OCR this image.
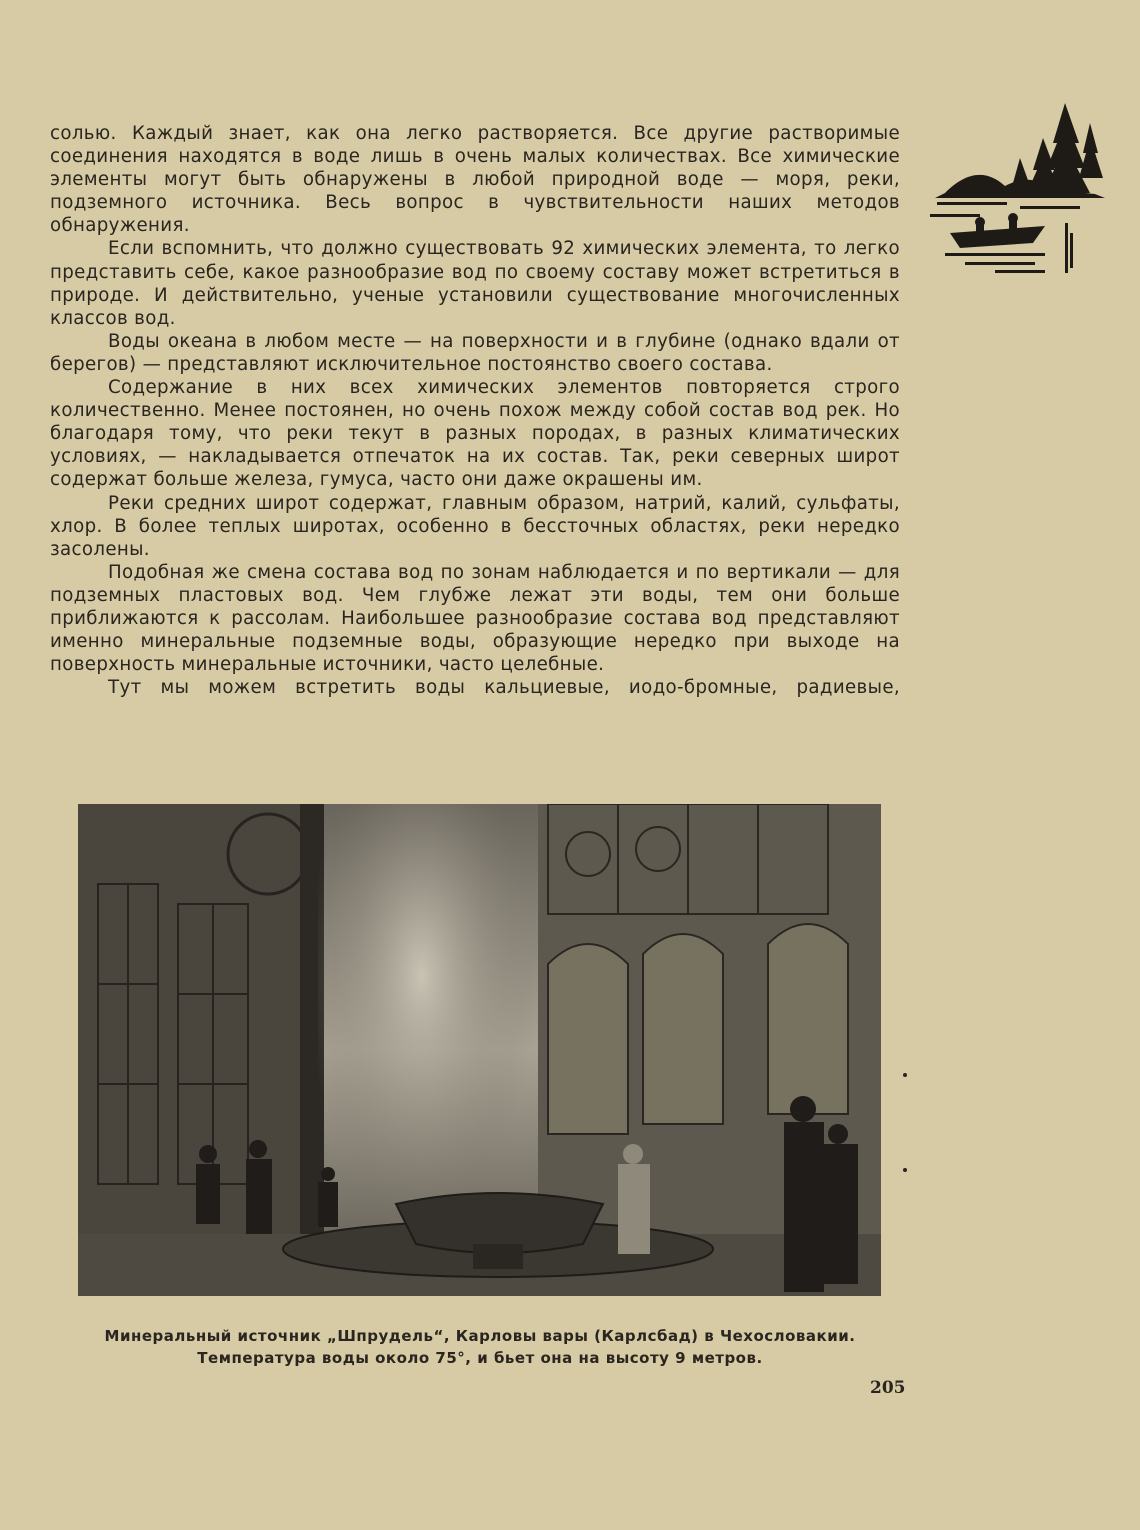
солью. Каждый знает, как она легко растворяется. Все другие растворимые соединения находятся в воде лишь в очень малых количествах. Все химические элементы могут быть обнаружены в любой природной воде — моря, реки, подземного источника. Весь вопрос в чувствительности наших методов обнаружения.

Если вспомнить, что должно существовать 92 химических элемента, то легко представить себе, какое разнообразие вод по своему составу может встретиться в природе. И действительно, ученые установили существование многочисленных классов вод.

Воды океана в любом месте — на поверхности и в глубине (однако вдали от берегов) — представляют исключительное постоянство своего состава.

Содержание в них всех химических элементов повторяется строго количественно. Менее постоянен, но очень похож между собой состав вод рек. Но благодаря тому, что реки текут в разных породах, в разных климатических условиях, — накладывается отпечаток на их состав. Так, реки северных широт содержат больше железа, гумуса, часто они даже окрашены им.

Реки средних широт содержат, главным образом, натрий, калий, сульфаты, хлор. В более теплых широтах, особенно в бессточных областях, реки нередко засолены.

Подобная же смена состава вод по зонам наблюдается и по вертикали — для подземных пластовых вод. Чем глубже лежат эти воды, тем они больше приближаются к рассолам. Наибольшее разнообразие состава вод представляют именно минеральные подземные воды, образующие нередко при выходе на поверхность минеральные источники, часто целебные.

Тут мы можем встретить воды кальциевые, иодо-бромные, радиевые,

Минеральный источник „Шпрудель“, Карловы вары (Карлсбад) в Чехословакии.
Температура воды около 75°, и бьет она на высоту 9 метров.
205
